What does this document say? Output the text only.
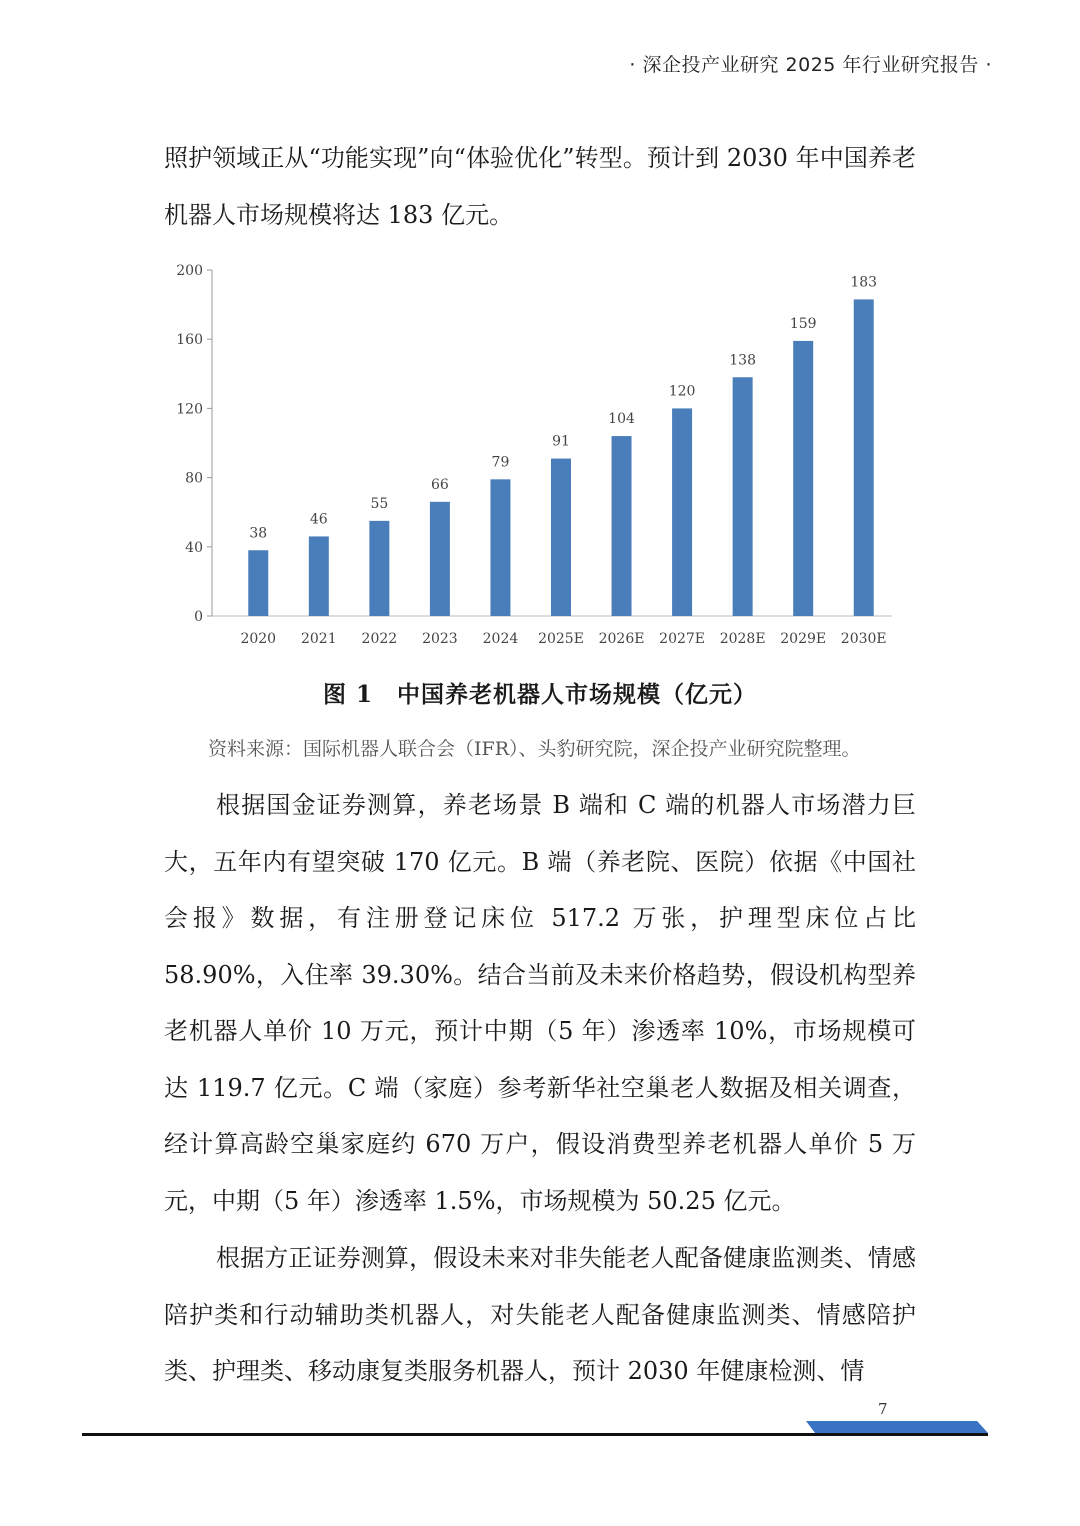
· 深企投产业研究 2025 年行业研究报告 ·

照护领域正从“功能实现”向“体验优化”转型。预计到 2030 年中国养老机器人市场规模将达 183 亿元。

0
40
80
120
160
200
38
2020
46
2021
55
2022
66
2023
79
2024
91
2025E
104
2026E
120
2027E
138
2028E
159
2029E
183
2030E
图 1　中国养老机器人市场规模（亿元）
资料来源：国际机器人联合会（IFR）、头豹研究院，深企投产业研究院整理。

根据国金证券测算，养老场景 B 端和 C 端的机器人市场潜力巨大，五年内有望突破 170 亿元。B 端（养老院、医院）依据《中国社会报》数据，有注册登记床位 517.2 万张，护理型床位占比 58.90%，入住率 39.30%。结合当前及未来价格趋势，假设机构型养老机器人单价 10 万元，预计中期（5 年）渗透率 10%，市场规模可达 119.7 亿元。C 端（家庭）参考新华社空巢老人数据及相关调查，经计算高龄空巢家庭约 670 万户，假设消费型养老机器人单价 5 万元，中期（5 年）渗透率 1.5%，市场规模为 50.25 亿元。

根据方正证券测算，假设未来对非失能老人配备健康监测类、情感陪护类和行动辅助类机器人，对失能老人配备健康监测类、情感陪护类、护理类、移动康复类服务机器人，预计 2030 年健康检测、情

7
